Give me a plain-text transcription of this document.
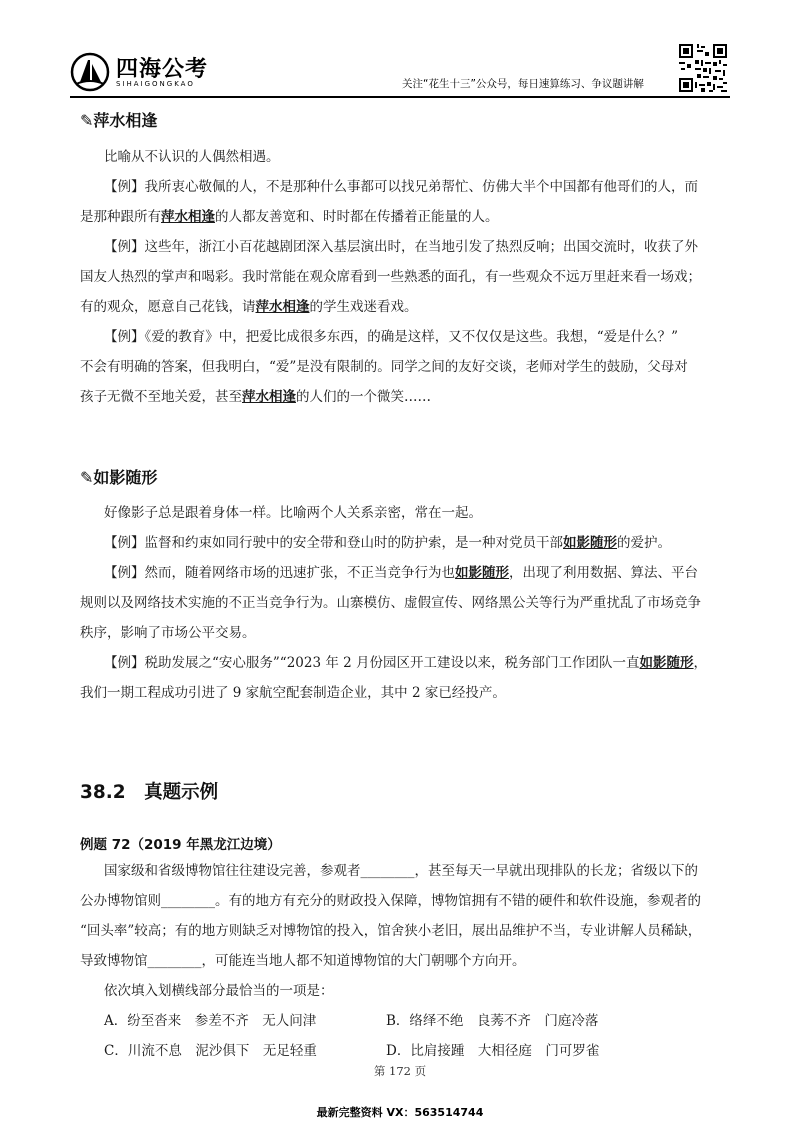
四海公考
SIHAIGONGKAO	关注“花生十三”公众号，每日速算练习、争议题讲解
✎萍水相逢
比喻从不认识的人偶然相遇。
【例】我所衷心敬佩的人，不是那种什么事都可以找兄弟帮忙、仿佛大半个中国都有他哥们的人，而
是那种跟所有萍水相逢的人都友善宽和、时时都在传播着正能量的人。
【例】这些年，浙江小百花越剧团深入基层演出时，在当地引发了热烈反响；出国交流时，收获了外
国友人热烈的掌声和喝彩。我时常能在观众席看到一些熟悉的面孔，有一些观众不远万里赶来看一场戏；
有的观众，愿意自己花钱，请萍水相逢的学生戏迷看戏。
【例】《爱的教育》中，把爱比成很多东西，的确是这样，又不仅仅是这些。我想，“爱是什么？”
不会有明确的答案，但我明白，“爱”是没有限制的。同学之间的友好交谈，老师对学生的鼓励，父母对
孩子无微不至地关爱，甚至萍水相逢的人们的一个微笑……
✎如影随形
好像影子总是跟着身体一样。比喻两个人关系亲密，常在一起。
【例】监督和约束如同行驶中的安全带和登山时的防护索，是一种对党员干部如影随形的爱护。
【例】然而，随着网络市场的迅速扩张，不正当竞争行为也如影随形，出现了利用数据、算法、平台
规则以及网络技术实施的不正当竞争行为。山寨模仿、虚假宣传、网络黑公关等行为严重扰乱了市场竞争
秩序，影响了市场公平交易。
【例】税助发展之“安心服务”“2023 年 2 月份园区开工建设以来，税务部门工作团队一直如影随形，
我们一期工程成功引进了 9 家航空配套制造企业，其中 2 家已经投产。
38.2　真题示例
例题 72（2019 年黑龙江边境）
国家级和省级博物馆往往建设完善，参观者________，甚至每天一早就出现排队的长龙；省级以下的
公办博物馆则________。有的地方有充分的财政投入保障，博物馆拥有不错的硬件和软件设施，参观者的
“回头率”较高；有的地方则缺乏对博物馆的投入，馆舍狭小老旧，展出品维护不当，专业讲解人员稀缺，
导致博物馆________，可能连当地人都不知道博物馆的大门朝哪个方向开。
依次填入划横线部分最恰当的一项是：
A．纷至沓来　参差不齐　无人问津	B．络绎不绝　良莠不齐　门庭冷落
C．川流不息　泥沙俱下　无足轻重	D．比肩接踵　大相径庭　门可罗雀
第 172 页
最新完整资料 VX：563514744
